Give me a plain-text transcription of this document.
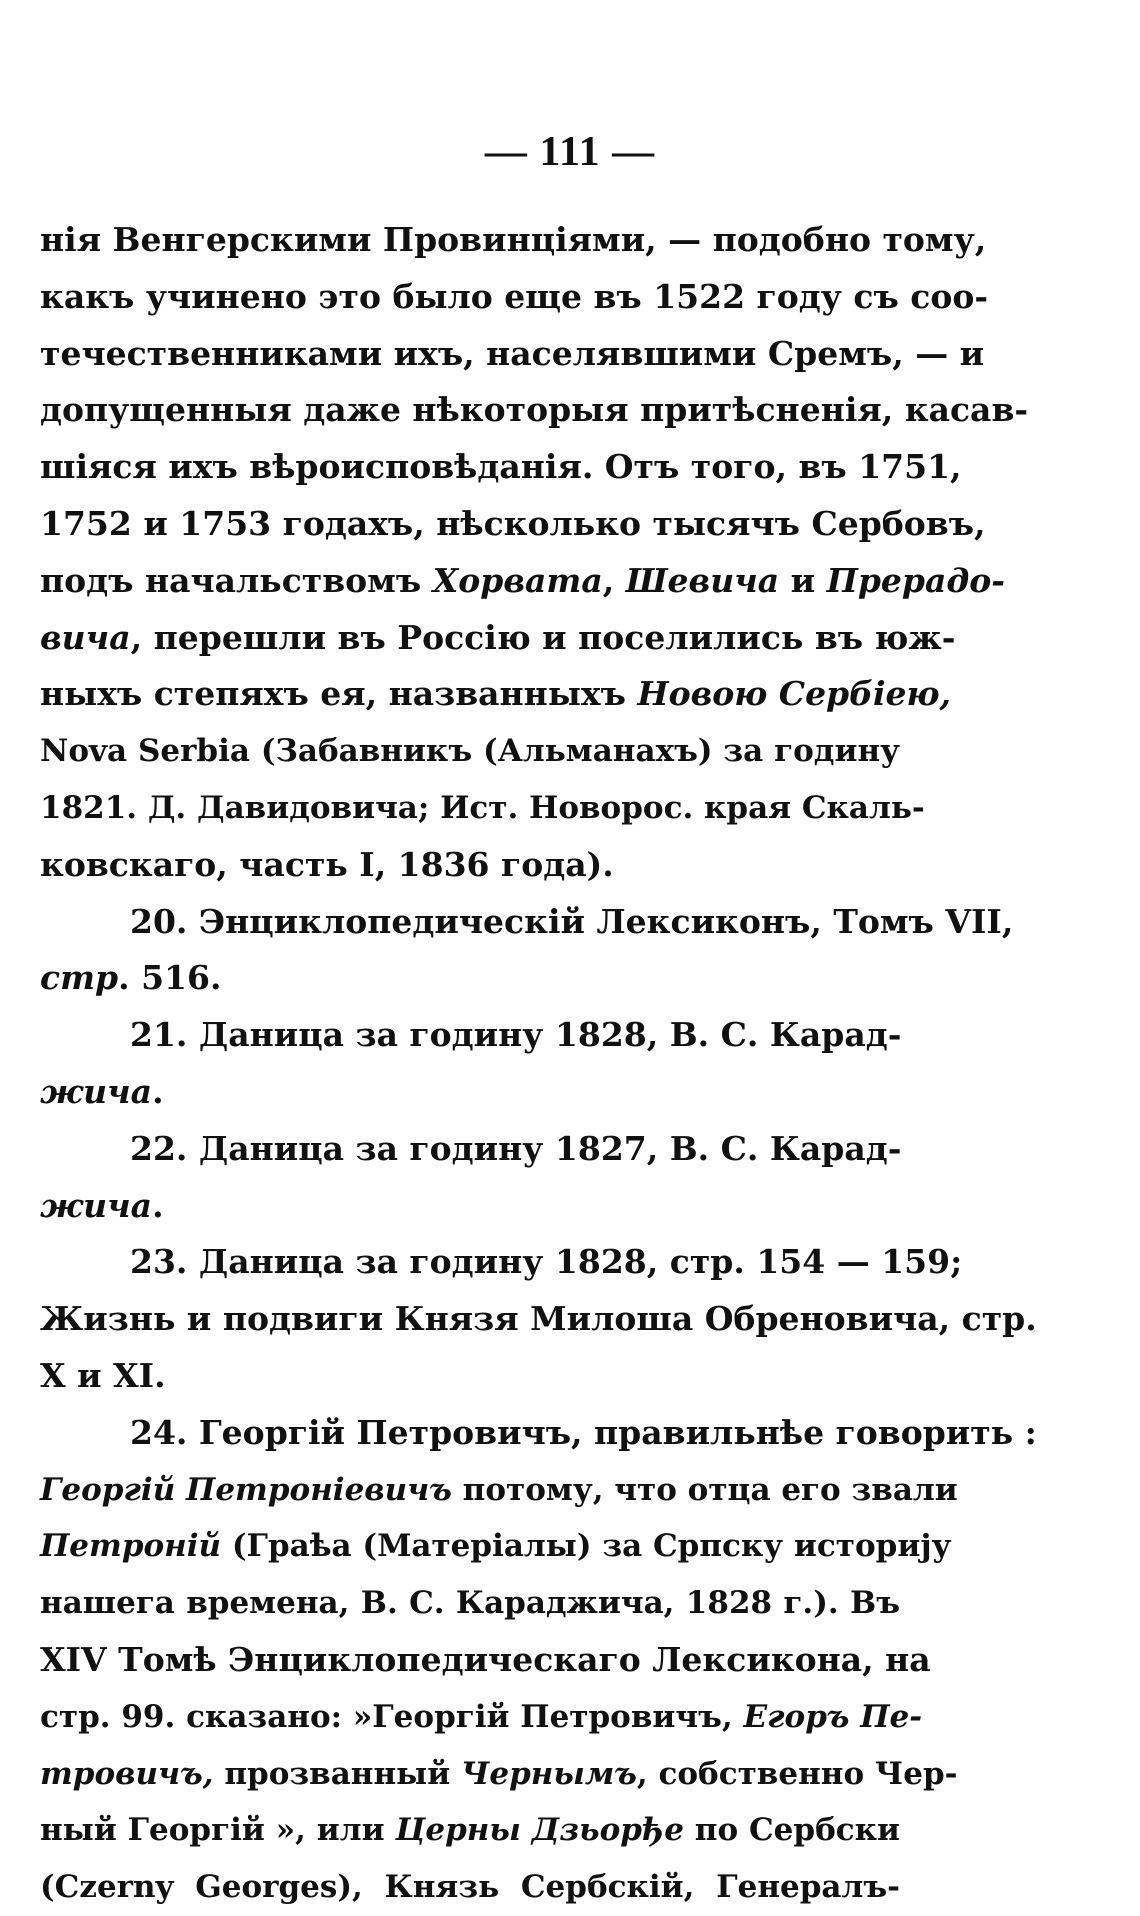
— 111 —
нія Венгерскими Провинціями, — подобно тому,
какъ учинено это было еще въ 1522 году съ соо-
течественниками ихъ, населявшими Сремъ, — и
допущенныя даже нѣкоторыя притѣсненія, касав-
шіяся ихъ вѣроисповѣданія. Отъ того, въ 1751,
1752 и 1753 годахъ, нѣсколько тысячъ Сербовъ,
подъ начальствомъ Хорвата, Шевича и Прерадо-
вича, перешли въ Россію и поселились въ юж-
ныхъ степяхъ ея, названныхъ Новою Сербіею,
Nova Serbia (Забавникъ (Альманахъ) за годину
1821. Д. Давидовича; Ист. Новорос. края Скаль-
ковскаго, часть I, 1836 года).
20. Энциклопедическій Лексиконъ, Томъ VII,
стр. 516.
21. Даница за годину 1828, В. С. Карад-
жича.
22. Даница за годину 1827, В. С. Карад-
жича.
23. Даница за годину 1828, стр. 154 — 159;
Жизнь и подвиги Князя Милоша Обреновича, стр.
X и XI.
24. Георгій Петровичъ, правильнѣе говорить :
Георгій Петроніевичъ потому, что отца его звали
Петроній (Граѣа (Матеріалы) за Српску историју
нашега времена, В. С. Караджича, 1828 г.). Въ
XIV Томѣ Энциклопедическаго Лексикона, на
стр. 99. сказано: »Георгій Петровичъ, Егоръ Пе-
тровичъ, прозванный Чернымъ, собственно Чер-
ный Георгій », или Церны Дзьорђе по Сербски
(Czerny Georges), Князь Сербскій, Генералъ-
